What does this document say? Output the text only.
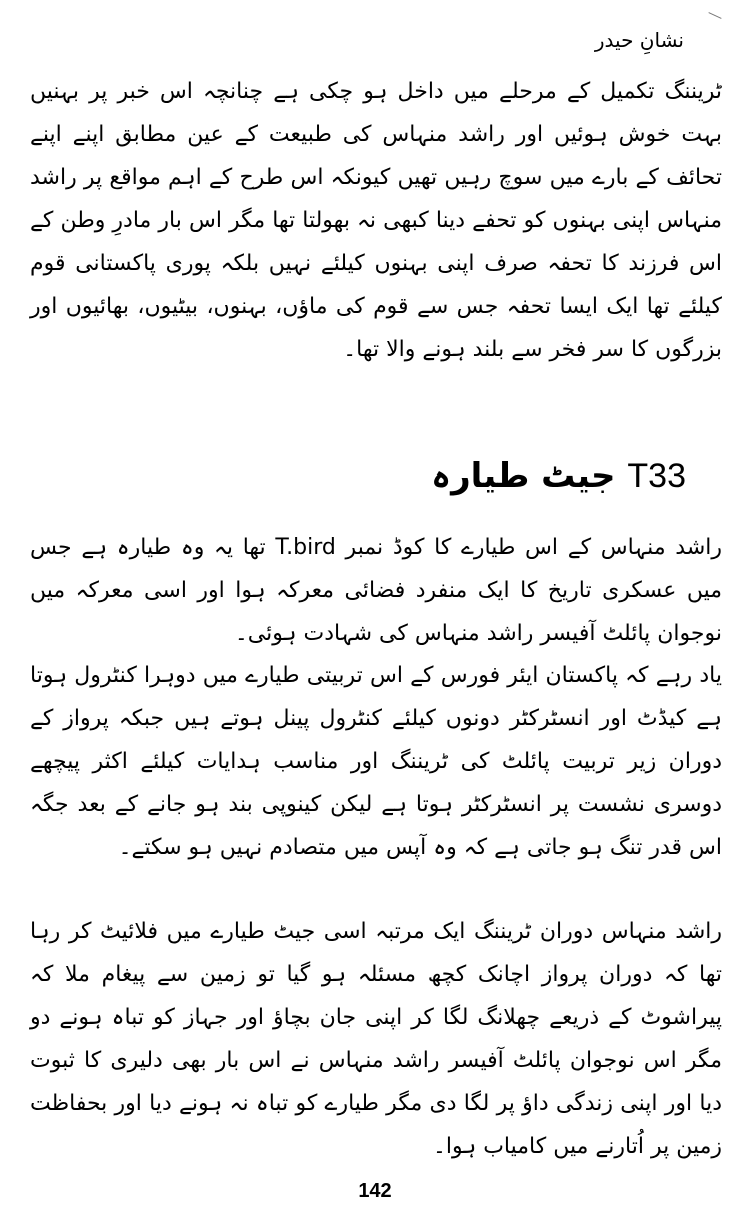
نشانِ حیدر

ٹریننگ تکمیل کے مرحلے میں داخل ہو چکی ہے چنانچہ اس خبر پر بہنیں بہت خوش ہوئیں اور راشد منہاس کی طبیعت کے عین مطابق اپنے اپنے تحائف کے بارے میں سوچ رہیں تھیں کیونکہ اس طرح کے اہم مواقع پر راشد منہاس اپنی بہنوں کو تحفے دینا کبھی نہ بھولتا تھا مگر اس بار مادرِ وطن کے اس فرزند کا تحفہ صرف اپنی بہنوں کیلئے نہیں بلکہ پوری پاکستانی قوم کیلئے تھا ایک ایسا تحفہ جس سے قوم کی ماؤں، بہنوں، بیٹیوں، بھائیوں اور بزرگوں کا سر فخر سے بلند ہونے والا تھا۔

T33 جیٹ طیارہ

راشد منہاس کے اس طیارے کا کوڈ نمبر T.bird تھا یہ وہ طیارہ ہے جس میں عسکری تاریخ کا ایک منفرد فضائی معرکہ ہوا اور اسی معرکہ میں نوجوان پائلٹ آفیسر راشد منہاس کی شہادت ہوئی۔

یاد رہے کہ پاکستان ایئر فورس کے اس تربیتی طیارے میں دوہرا کنٹرول ہوتا ہے کیڈٹ اور انسٹرکٹر دونوں کیلئے کنٹرول پینل ہوتے ہیں جبکہ پرواز کے دوران زیر تربیت پائلٹ کی ٹریننگ اور مناسب ہدایات کیلئے اکثر پیچھے دوسری نشست پر انسٹرکٹر ہوتا ہے لیکن کینوپی بند ہو جانے کے بعد جگہ اس قدر تنگ ہو جاتی ہے کہ وہ آپس میں متصادم نہیں ہو سکتے۔

راشد منہاس دوران ٹریننگ ایک مرتبہ اسی جیٹ طیارے میں فلائیٹ کر رہا تھا کہ دوران پرواز اچانک کچھ مسئلہ ہو گیا تو زمین سے پیغام ملا کہ پیراشوٹ کے ذریعے چھلانگ لگا کر اپنی جان بچاؤ اور جہاز کو تباہ ہونے دو مگر اس نوجوان پائلٹ آفیسر راشد منہاس نے اس بار بھی دلیری کا ثبوت دیا اور اپنی زندگی داؤ پر لگا دی مگر طیارے کو تباہ نہ ہونے دیا اور بحفاظت زمین پر اُتارنے میں کامیاب ہوا۔

142
